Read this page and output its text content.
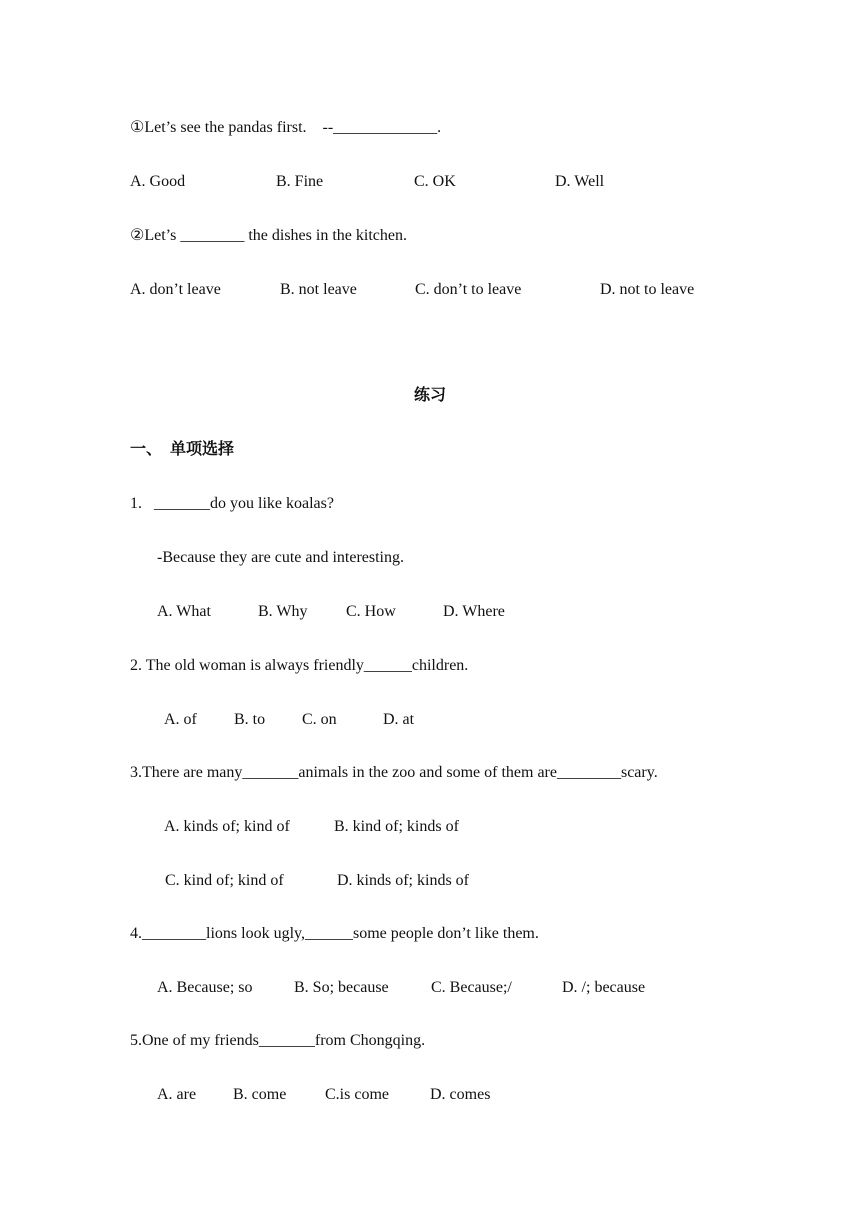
①Let’s see the pandas first.    --_____________.

A. Good	B. Fine	C. OK	D. Well

②Let’s ________ the dishes in the kitchen.

A. don’t leave	B. not leave	C. don’t to leave	D. not to leave

练习

一、  单项选择

1.   _______do you like koalas?

-Because they are cute and interesting.

A. What	B. Why C. How	D. Where

2. The old woman is always friendly______children.

A. of B. to C. on	D. at

3.There are many_______animals in the zoo and some of them are________scary.

A. kinds of; kind of	B. kind of; kinds of
C. kind of; kind of	D. kinds of; kinds of

4.________lions look ugly,______some people don’t like them.

A. Because; so	B. So; because	C. Because;/	D. /; because

5.One of my friends_______from Chongqing.

A. are B. come C.is come	D. comes
